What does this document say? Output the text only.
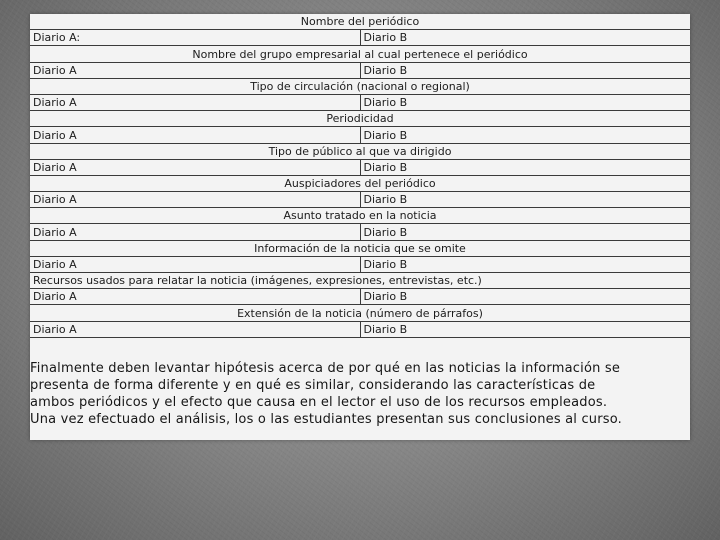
Nombre del periódico	
Diario A:	Diario B
Nombre del grupo empresarial al cual pertenece el periódico	
Diario A	Diario B
Tipo de circulación (nacional o regional)	
Diario A	Diario B
Periodicidad	
Diario A	Diario B
Tipo de público al que va dirigido	
Diario A	Diario B
Auspiciadores del periódico	
Diario A	Diario B
Asunto tratado en la noticia	
Diario A	Diario B
Información de la noticia que se omite	
Diario A	Diario B
Recursos usados para relatar la noticia (imágenes, expresiones, entrevistas, etc.)	
Diario A	Diario B
Extensión de la noticia (número de párrafos)	
Diario A	Diario B
Finalmente deben levantar hipótesis acerca de por qué en las noticias la información se
presenta de forma diferente y en qué es similar, considerando las características de
ambos periódicos y el efecto que causa en el lector el uso de los recursos empleados.
Una vez efectuado el análisis, los o las estudiantes presentan sus conclusiones al curso.
